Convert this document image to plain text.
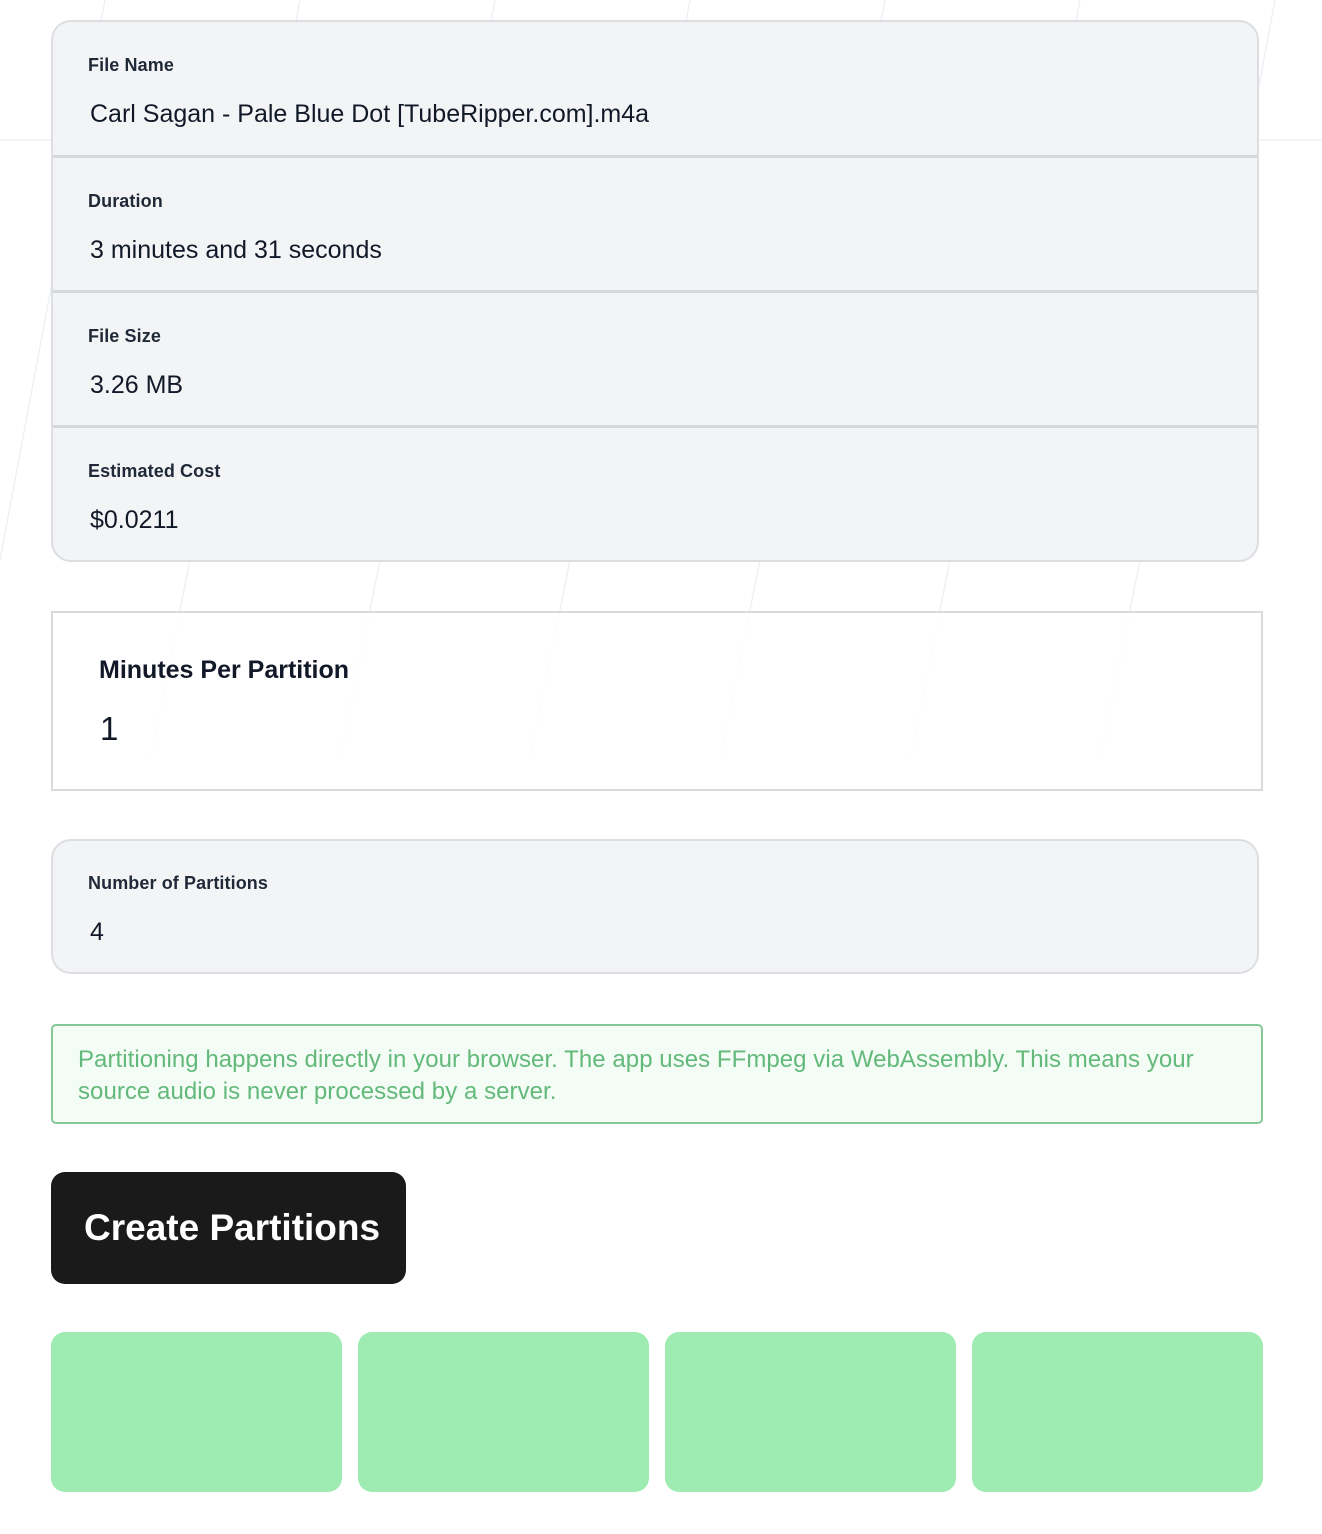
File Name
Carl Sagan - Pale Blue Dot [TubeRipper.com].m4a
Duration
3 minutes and 31 seconds
File Size
3.26 MB
Estimated Cost
$0.0211
Minutes Per Partition
1
Number of Partitions
4
Partitioning happens directly in your browser. The app uses FFmpeg via WebAssembly. This means your source audio is never processed by a server.
Create Partitions
